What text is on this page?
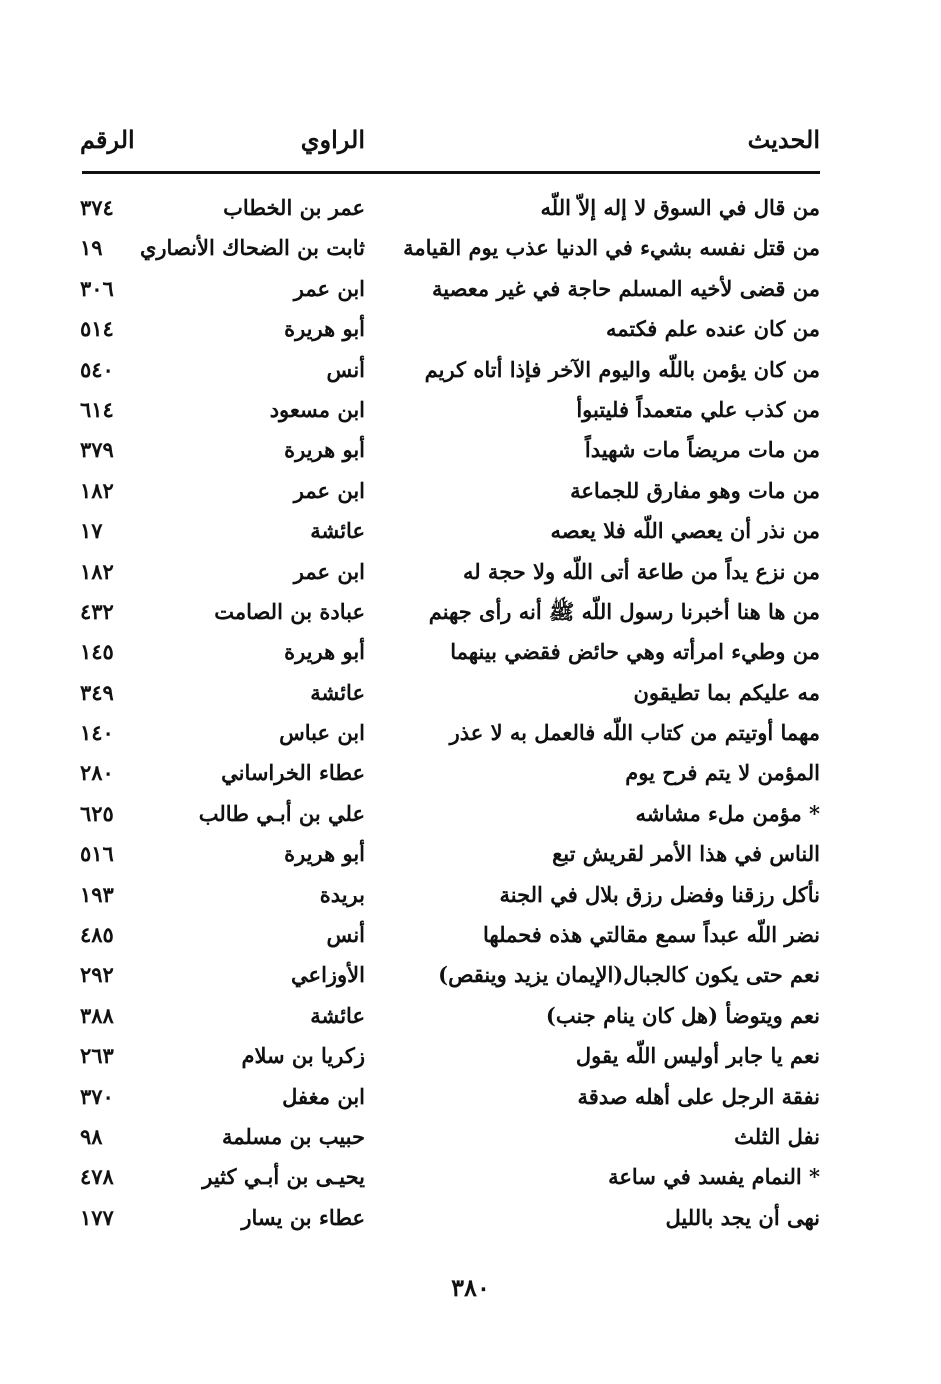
الحديث
الراوي
الرقم
من قال في السوق لا إله إلاّ اللّه
عمر بن الخطاب
٣٧٤
من قتل نفسه بشيء في الدنيا عذب يوم القيامة
ثابت بن الضحاك الأنصاري
١٩
من قضى لأخيه المسلم حاجة في غير معصية
ابن عمر
٣٠٦
من كان عنده علم فكتمه
أبو هريرة
٥١٤
من كان يؤمن باللّه واليوم الآخر فإذا أتاه كريم
أنس
٥٤٠
من كذب علي متعمداً فليتبوأ
ابن مسعود
٦١٤
من مات مريضاً مات شهيداً
أبو هريرة
٣٧٩
من مات وهو مفارق للجماعة
ابن عمر
١٨٢
من نذر أن يعصي اللّه فلا يعصه
عائشة
١٧
من نزع يداً من طاعة أتى اللّه ولا حجة له
ابن عمر
١٨٢
من ها هنا أخبرنا رسول اللّه ﷺ أنه رأى جهنم
عبادة بن الصامت
٤٣٢
من وطيء امرأته وهي حائض فقضي بينهما
أبو هريرة
١٤٥
مه عليكم بما تطيقون
عائشة
٣٤٩
مهما أوتيتم من كتاب اللّه فالعمل به لا عذر
ابن عباس
١٤٠
المؤمن لا يتم فرح يوم
عطاء الخراساني
٢٨٠
* مؤمن ملء مشاشه
علي بن أبـي طالب
٦٢٥
الناس في هذا الأمر لقريش تبع
أبو هريرة
٥١٦
نأكل رزقنا وفضل رزق بلال في الجنة
بريدة
١٩٣
نضر اللّه عبداً سمع مقالتي هذه فحملها
أنس
٤٨٥
نعم حتى يكون كالجبال(الإيمان يزيد وينقص)
الأوزاعي
٢٩٢
نعم ويتوضأ (هل كان ينام جنب)
عائشة
٣٨٨
نعم يا جابر أوليس اللّه يقول
زكريا بن سلام
٢٦٣
نفقة الرجل على أهله صدقة
ابن مغفل
٣٧٠
نفل الثلث
حبيب بن مسلمة
٩٨
* النمام يفسد في ساعة
يحيـى بن أبـي كثير
٤٧٨
نهى أن يجد بالليل
عطاء بن يسار
١٧٧
٣٨٠
